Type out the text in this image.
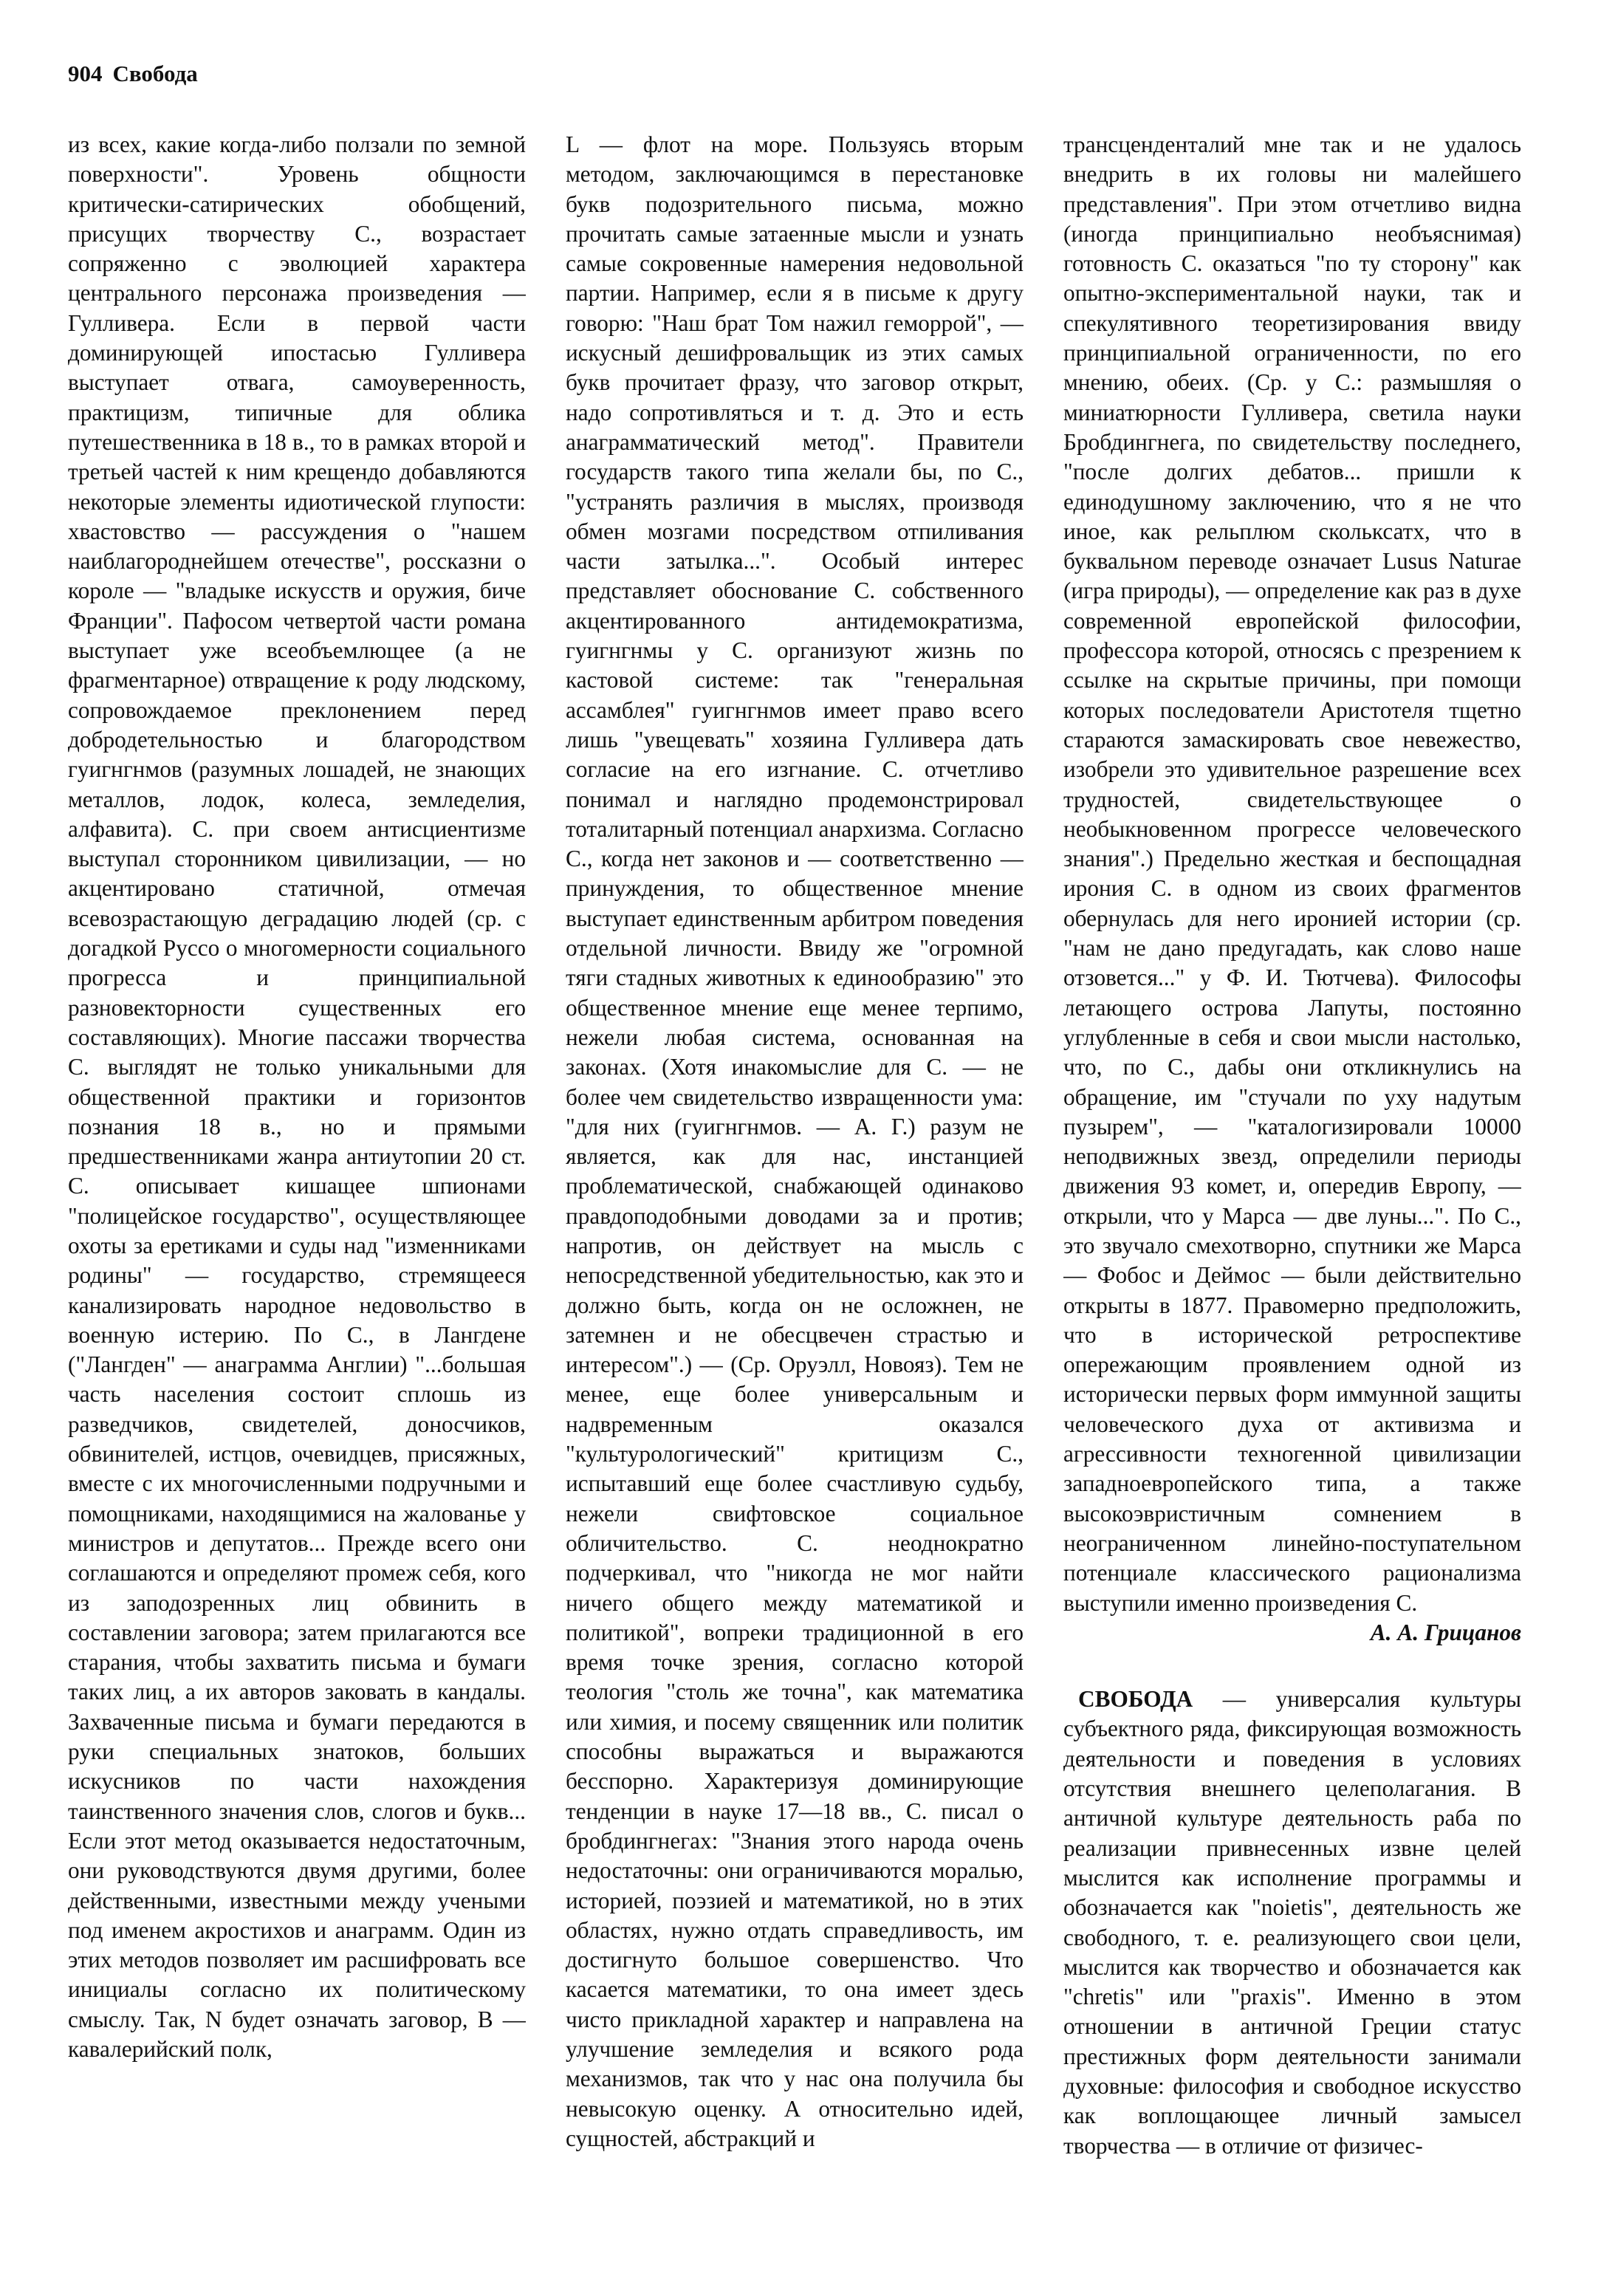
904 Свобода

из всех, какие когда-либо ползали по земной поверхности". Уровень общности критически-сатирических обобщений, присущих творчеству С., возрастает сопряженно с эволюцией характера центрального персонажа произведения — Гулливера. Если в первой части доминирующей ипостасью Гулливера выступает отвага, самоуверенность, практицизм, типичные для облика путешественника в 18 в., то в рамках второй и третьей частей к ним крещендо добавляются некоторые элементы идиотической глупости: хвастовство — рассуждения о "нашем наиблагороднейшем отечестве", россказни о короле — "владыке искусств и оружия, биче Франции". Пафосом четвертой части романа выступает уже всеобъемлющее (а не фрагментарное) отвращение к роду людскому, сопровождаемое преклонением перед добродетельностью и благородством гуигнгнмов (разумных лошадей, не знающих металлов, лодок, колеса, земледелия, алфавита). С. при своем антисциентизме выступал сторонником цивилизации, — но акцентировано статичной, отмечая всевозрастающую деградацию людей (ср. с догадкой Руссо о многомерности социального прогресса и принципиальной разновекторности существенных его составляющих). Многие пассажи творчества С. выглядят не только уникальными для общественной практики и горизонтов познания 18 в., но и прямыми предшественниками жанра антиутопии 20 ст. С. описывает кишащее шпионами "полицейское государство", осуществляющее охоты за еретиками и суды над "изменниками родины" — государство, стремящееся канализировать народное недовольство в военную истерию. По С., в Лангдене ("Лангден" — анаграмма Англии) "...большая часть населения состоит сплошь из разведчиков, свидетелей, доносчиков, обвинителей, истцов, очевидцев, присяжных, вместе с их многочисленными подручными и помощниками, находящимися на жалованье у министров и депутатов... Прежде всего они соглашаются и определяют промеж себя, кого из заподозренных лиц обвинить в составлении заговора; затем прилагаются все старания, чтобы захватить письма и бумаги таких лиц, а их авторов заковать в кандалы. Захваченные письма и бумаги передаются в руки специальных знатоков, больших искусников по части нахождения таинственного значения слов, слогов и букв... Если этот метод оказывается недостаточным, они руководствуются двумя другими, более действенными, известными между учеными под именем акростихов и анаграмм. Один из этих методов позволяет им расшифровать все инициалы согласно их политическому смыслу. Так, N будет означать заговор, B — кавалерийский полк,

L — флот на море. Пользуясь вторым методом, заключающимся в перестановке букв подозрительного письма, можно прочитать самые затаенные мысли и узнать самые сокровенные намерения недовольной партии. Например, если я в письме к другу говорю: "Наш брат Том нажил геморрой", — искусный дешифровальщик из этих самых букв прочитает фразу, что заговор открыт, надо сопротивляться и т. д. Это и есть анаграмматический метод". Правители государств такого типа желали бы, по С., "устранять различия в мыслях, производя обмен мозгами посредством отпиливания части затылка...". Особый интерес представляет обоснование С. собственного акцентированного антидемократизма, гуигнгнмы у С. организуют жизнь по кастовой системе: так "генеральная ассамблея" гуигнгнмов имеет право всего лишь "увещевать" хозяина Гулливера дать согласие на его изгнание. С. отчетливо понимал и наглядно продемонстрировал тоталитарный потенциал анархизма. Согласно С., когда нет законов и — соответственно — принуждения, то общественное мнение выступает единственным арбитром поведения отдельной личности. Ввиду же "огромной тяги стадных животных к единообразию" это общественное мнение еще менее терпимо, нежели любая система, основанная на законах. (Хотя инакомыслие для С. — не более чем свидетельство извращенности ума: "для них (гуигнгнмов. — А. Г.) разум не является, как для нас, инстанцией проблематической, снабжающей одинаково правдоподобными доводами за и против; напротив, он действует на мысль с непосредственной убедительностью, как это и должно быть, когда он не осложнен, не затемнен и не обесцвечен страстью и интересом".) — (Ср. Оруэлл, Новояз). Тем не менее, еще более универсальным и надвременным оказался "культурологический" критицизм С., испытавший еще более счастливую судьбу, нежели свифтовское социальное обличительство. С. неоднократно подчеркивал, что "никогда не мог найти ничего общего между математикой и политикой", вопреки традиционной в его время точке зрения, согласно которой теология "столь же точна", как математика или химия, и посему священник или политик способны выражаться и выражаются бесспорно. Характеризуя доминирующие тенденции в науке 17—18 вв., С. писал о бробдингнегах: "Знания этого народа очень недостаточны: они ограничиваются моралью, историей, поэзией и математикой, но в этих областях, нужно отдать справедливость, им достигнуто большое совершенство. Что касается математики, то она имеет здесь чисто прикладной характер и направлена на улучшение земледелия и всякого рода механизмов, так что у нас она получила бы невысокую оценку. А относительно идей, сущностей, абстракций и

трансценденталий мне так и не удалось внедрить в их головы ни малейшего представления". При этом отчетливо видна (иногда принципиально необъяснимая) готовность С. оказаться "по ту сторону" как опытно-экспериментальной науки, так и спекулятивного теоретизирования ввиду принципиальной ограниченности, по его мнению, обеих. (Ср. у С.: размышляя о миниатюрности Гулливера, светила науки Бробдингнега, по свидетельству последнего, "после долгих дебатов... пришли к единодушному заключению, что я не что иное, как рельплюм скольксатх, что в буквальном переводе означает Lusus Naturae (игра природы), — определение как раз в духе современной европейской философии, профессора которой, относясь с презрением к ссылке на скрытые причины, при помощи которых последователи Аристотеля тщетно стараются замаскировать свое невежество, изобрели это удивительное разрешение всех трудностей, свидетельствующее о необыкновенном прогрессе человеческого знания".) Предельно жесткая и беспощадная ирония С. в одном из своих фрагментов обернулась для него иронией истории (ср. "нам не дано предугадать, как слово наше отзовется..." у Ф. И. Тютчева). Философы летающего острова Лапуты, постоянно углубленные в себя и свои мысли настолько, что, по С., дабы они откликнулись на обращение, им "стучали по уху надутым пузырем", — "каталогизировали 10000 неподвижных звезд, определили периоды движения 93 комет, и, опередив Европу, — открыли, что у Марса — две луны...". По С., это звучало смехотворно, спутники же Марса — Фобос и Деймос — были действительно открыты в 1877. Правомерно предположить, что в исторической ретроспективе опережающим проявлением одной из исторически первых форм иммунной защиты человеческого духа от активизма и агрессивности техногенной цивилизации западноевропейского типа, а также высокоэвристичным сомнением в неограниченном линейно-поступательном потенциале классического рационализма выступили именно произведения С.

А. А. Грицанов

СВОБОДА — универсалия культуры субъектного ряда, фиксирующая возможность деятельности и поведения в условиях отсутствия внешнего целеполагания. В античной культуре деятельность раба по реализации привнесенных извне целей мыслится как исполнение программы и обозначается как "noietis", деятельность же свободного, т. е. реализующего свои цели, мыслится как творчество и обозначается как "chretis" или "praxis". Именно в этом отношении в античной Греции статус престижных форм деятельности занимали духовные: философия и свободное искусство как воплощающее личный замысел творчества — в отличие от физичес-
